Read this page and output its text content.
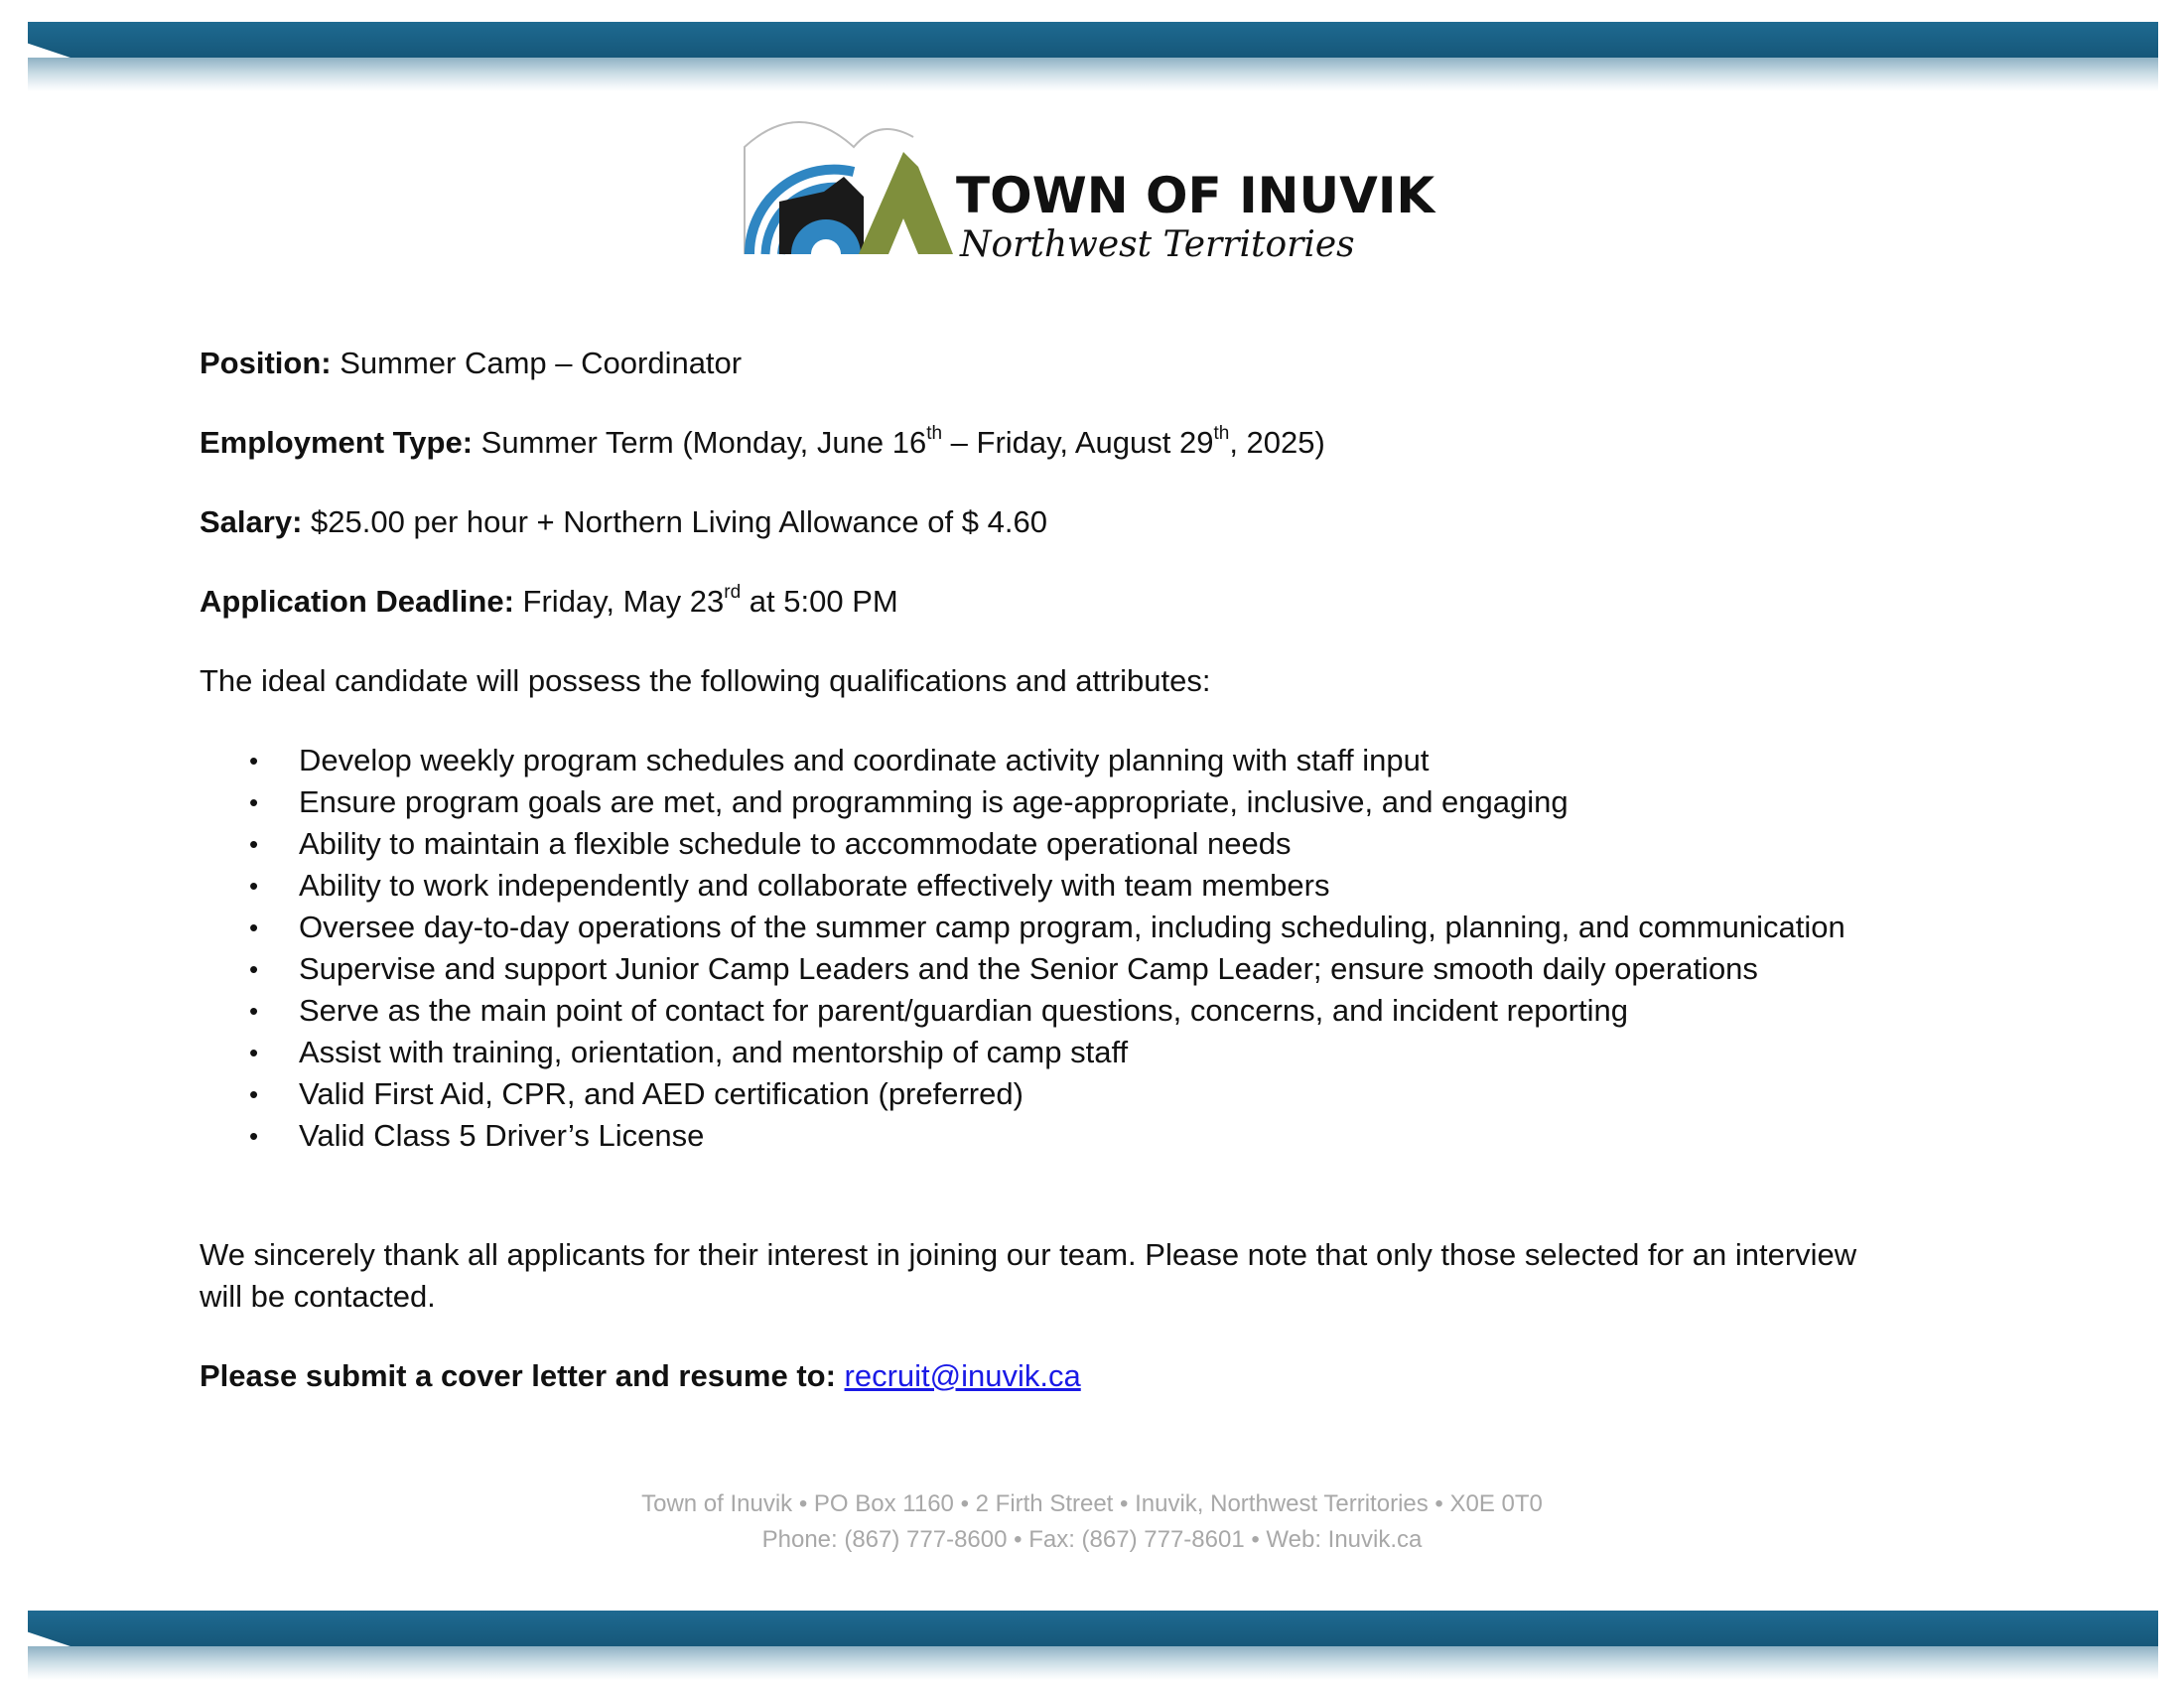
TOWN OF INUVIK
Northwest Territories
Position: Summer Camp – Coordinator
Employment Type: Summer Term (Monday, June 16th – Friday, August 29th, 2025)
Salary: $25.00 per hour + Northern Living Allowance of $ 4.60
Application Deadline: Friday, May 23rd at 5:00 PM
The ideal candidate will possess the following qualifications and attributes:
• Develop weekly program schedules and coordinate activity planning with staff input
• Ensure program goals are met, and programming is age-appropriate, inclusive, and engaging
• Ability to maintain a flexible schedule to accommodate operational needs
• Ability to work independently and collaborate effectively with team members
• Oversee day-to-day operations of the summer camp program, including scheduling, planning, and communication
• Supervise and support Junior Camp Leaders and the Senior Camp Leader; ensure smooth daily operations
• Serve as the main point of contact for parent/guardian questions, concerns, and incident reporting
• Assist with training, orientation, and mentorship of camp staff
• Valid First Aid, CPR, and AED certification (preferred)
• Valid Class 5 Driver’s License
We sincerely thank all applicants for their interest in joining our team. Please note that only those selected for an interview will be contacted.
Please submit a cover letter and resume to: recruit@inuvik.ca
Town of Inuvik • PO Box 1160 • 2 Firth Street • Inuvik, Northwest Territories • X0E 0T0
Phone: (867) 777-8600 • Fax: (867) 777-8601 • Web: Inuvik.ca
